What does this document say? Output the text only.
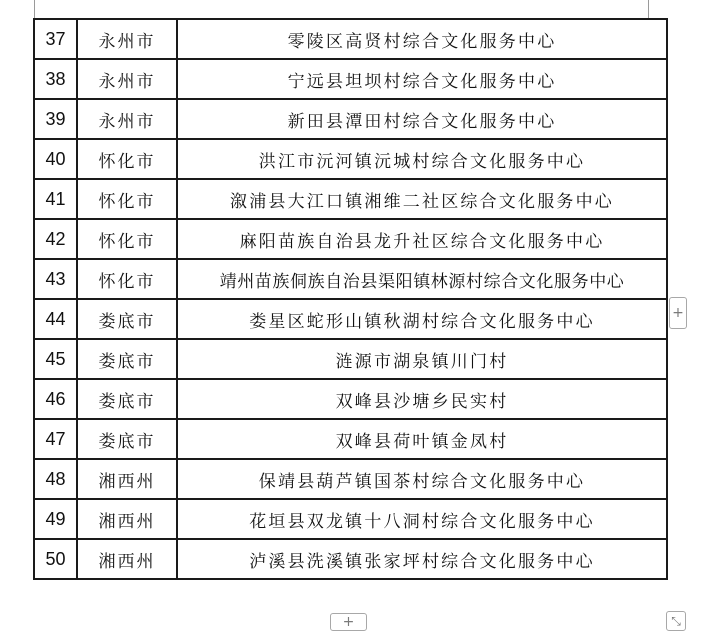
37	永州市	零陵区高贤村综合文化服务中心
38	永州市	宁远县坦坝村综合文化服务中心
39	永州市	新田县潭田村综合文化服务中心
40	怀化市	洪江市沅河镇沅城村综合文化服务中心
41	怀化市	溆浦县大江口镇湘维二社区综合文化服务中心
42	怀化市	麻阳苗族自治县龙升社区综合文化服务中心
43	怀化市	靖州苗族侗族自治县渠阳镇林源村综合文化服务中心
44	娄底市	娄星区蛇形山镇秋湖村综合文化服务中心
45	娄底市	涟源市湖泉镇川门村
46	娄底市	双峰县沙塘乡民实村
47	娄底市	双峰县荷叶镇金凤村
48	湘西州	保靖县葫芦镇国茶村综合文化服务中心
49	湘西州	花垣县双龙镇十八洞村综合文化服务中心
50	湘西州	泸溪县洗溪镇张家坪村综合文化服务中心
+
+	⤡
